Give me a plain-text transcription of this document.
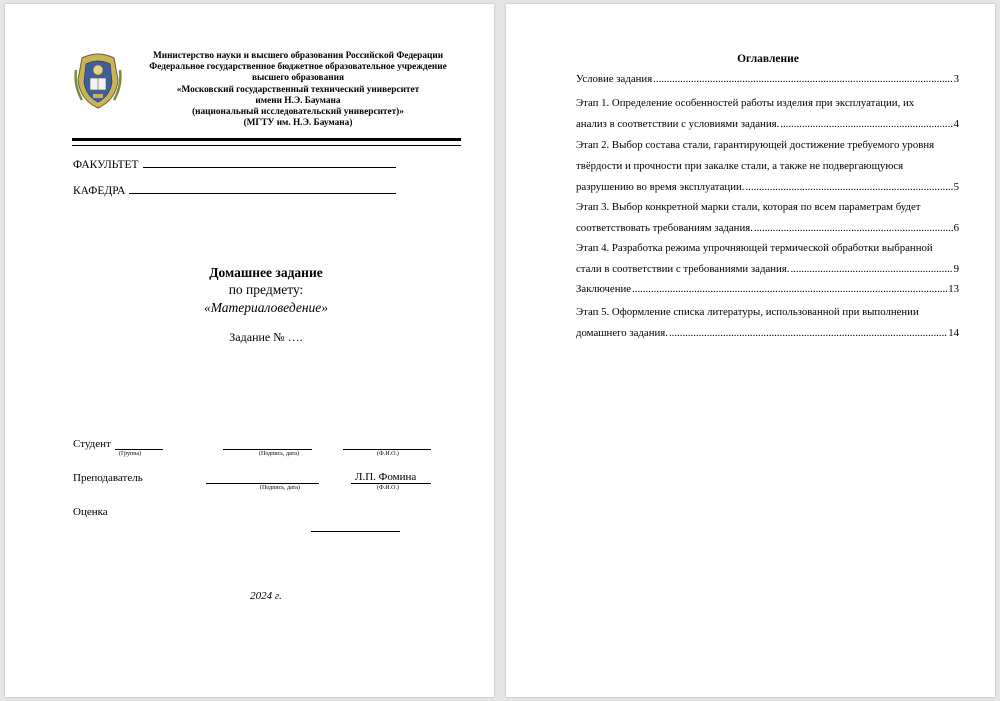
Министерство науки и высшего образования Российской Федерации
Федеральное государственное бюджетное образовательное учреждение
высшего образования
«Московский государственный технический университет
имени Н.Э. Баумана
(национальный исследовательский университет)»
(МГТУ им. Н.Э. Баумана)
ФАКУЛЬТЕТ
КАФЕДРА
Домашнее задание
по предмету:
«Материаловедение»
Задание № ….
Студент
(Группа)	(Подпись, дата)	(Ф.И.О.)
Преподаватель	Л.П. Фомина
(Подпись, дата)	(Ф.И.О.)
Оценка
2024 г.
Оглавление
Условие задания .....	3
Этап 1. Определение особенностей работы изделия при эксплуатации, их
анализ в соответствии с условиями задания. .....	4
Этап 2. Выбор состава стали, гарантирующей достижение требуемого уровня
твёрдости и прочности при закалке стали, а также не подвергающуюся
разрушению во время эксплуатации. .....	5
Этап 3. Выбор конкретной марки стали, которая по всем параметрам будет
соответствовать требованиям задания. .....	6
Этап 4. Разработка режима упрочняющей термической обработки выбранной
стали в соответствии с требованиями задания. .....	9
Заключение .....	13
Этап 5. Оформление списка литературы, использованной при выполнении
домашнего задания. .....	14
